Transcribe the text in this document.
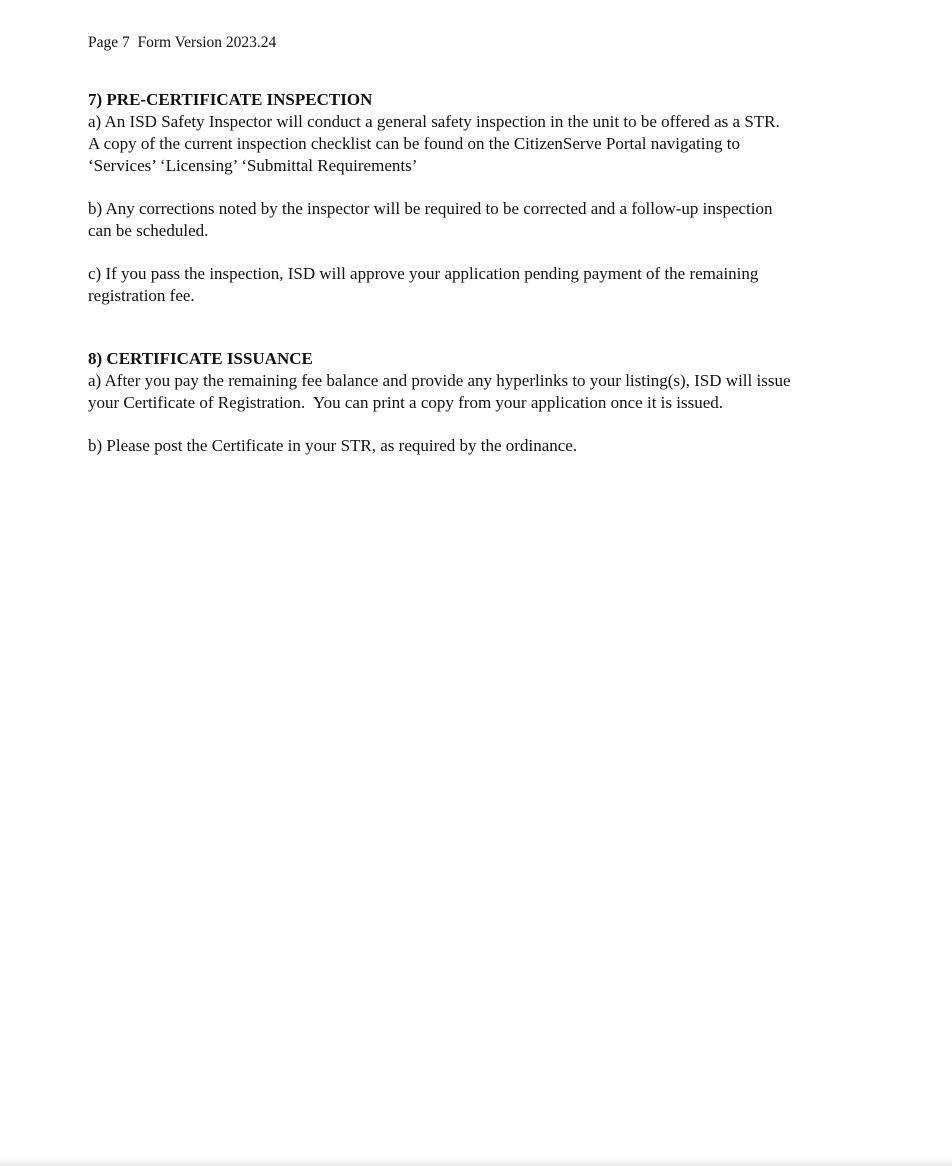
Page 7  Form Version 2023.24
7) PRE-CERTIFICATE INSPECTION
a) An ISD Safety Inspector will conduct a general safety inspection in the unit to be offered as a STR.
A copy of the current inspection checklist can be found on the CitizenServe Portal navigating to
‘Services’ ‘Licensing’ ‘Submittal Requirements’
b) Any corrections noted by the inspector will be required to be corrected and a follow-up inspection
can be scheduled.
c) If you pass the inspection, ISD will approve your application pending payment of the remaining
registration fee.
8) CERTIFICATE ISSUANCE
a) After you pay the remaining fee balance and provide any hyperlinks to your listing(s), ISD will issue
your Certificate of Registration.  You can print a copy from your application once it is issued.
b) Please post the Certificate in your STR, as required by the ordinance.
